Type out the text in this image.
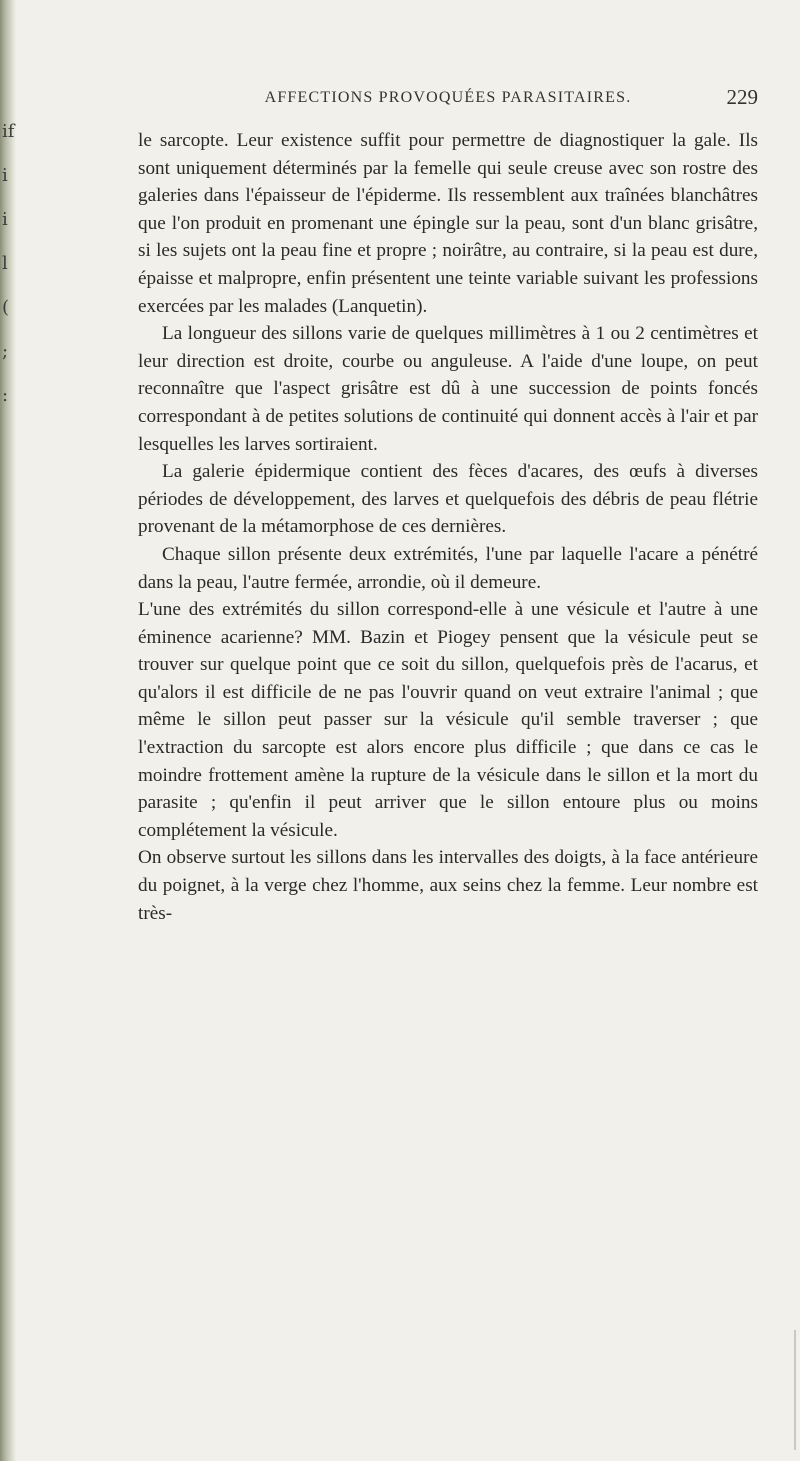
if
i
i
l
(
;
:
AFFECTIONS PROVOQUÉES PARASITAIRES.	229

le sarcopte. Leur existence suffit pour permettre de diagnostiquer la gale. Ils sont uniquement déterminés par la femelle qui seule creuse avec son rostre des galeries dans l'épaisseur de l'épiderme. Ils ressemblent aux traînées blanchâtres que l'on produit en promenant une épingle sur la peau, sont d'un blanc grisâtre, si les sujets ont la peau fine et propre ; noirâtre, au contraire, si la peau est dure, épaisse et malpropre, enfin présentent une teinte variable suivant les professions exercées par les malades (Lanquetin).

La longueur des sillons varie de quelques millimètres à 1 ou 2 centimètres et leur direction est droite, courbe ou anguleuse. A l'aide d'une loupe, on peut reconnaître que l'aspect grisâtre est dû à une succession de points foncés correspondant à de petites solutions de continuité qui donnent accès à l'air et par lesquelles les larves sortiraient.

La galerie épidermique contient des fèces d'acares, des œufs à diverses périodes de développement, des larves et quelquefois des débris de peau flétrie provenant de la métamorphose de ces dernières.

Chaque sillon présente deux extrémités, l'une par laquelle l'acare a pénétré dans la peau, l'autre fermée, arrondie, où il demeure.

L'une des extrémités du sillon correspond-elle à une vésicule et l'autre à une éminence acarienne? MM. Bazin et Piogey pensent que la vésicule peut se trouver sur quelque point que ce soit du sillon, quelquefois près de l'acarus, et qu'alors il est difficile de ne pas l'ouvrir quand on veut extraire l'animal ; que même le sillon peut passer sur la vésicule qu'il semble traverser ; que l'extraction du sarcopte est alors encore plus difficile ; que dans ce cas le moindre frottement amène la rupture de la vésicule dans le sillon et la mort du parasite ; qu'enfin il peut arriver que le sillon entoure plus ou moins complétement la vésicule.

On observe surtout les sillons dans les intervalles des doigts, à la face antérieure du poignet, à la verge chez l'homme, aux seins chez la femme. Leur nombre est très-
